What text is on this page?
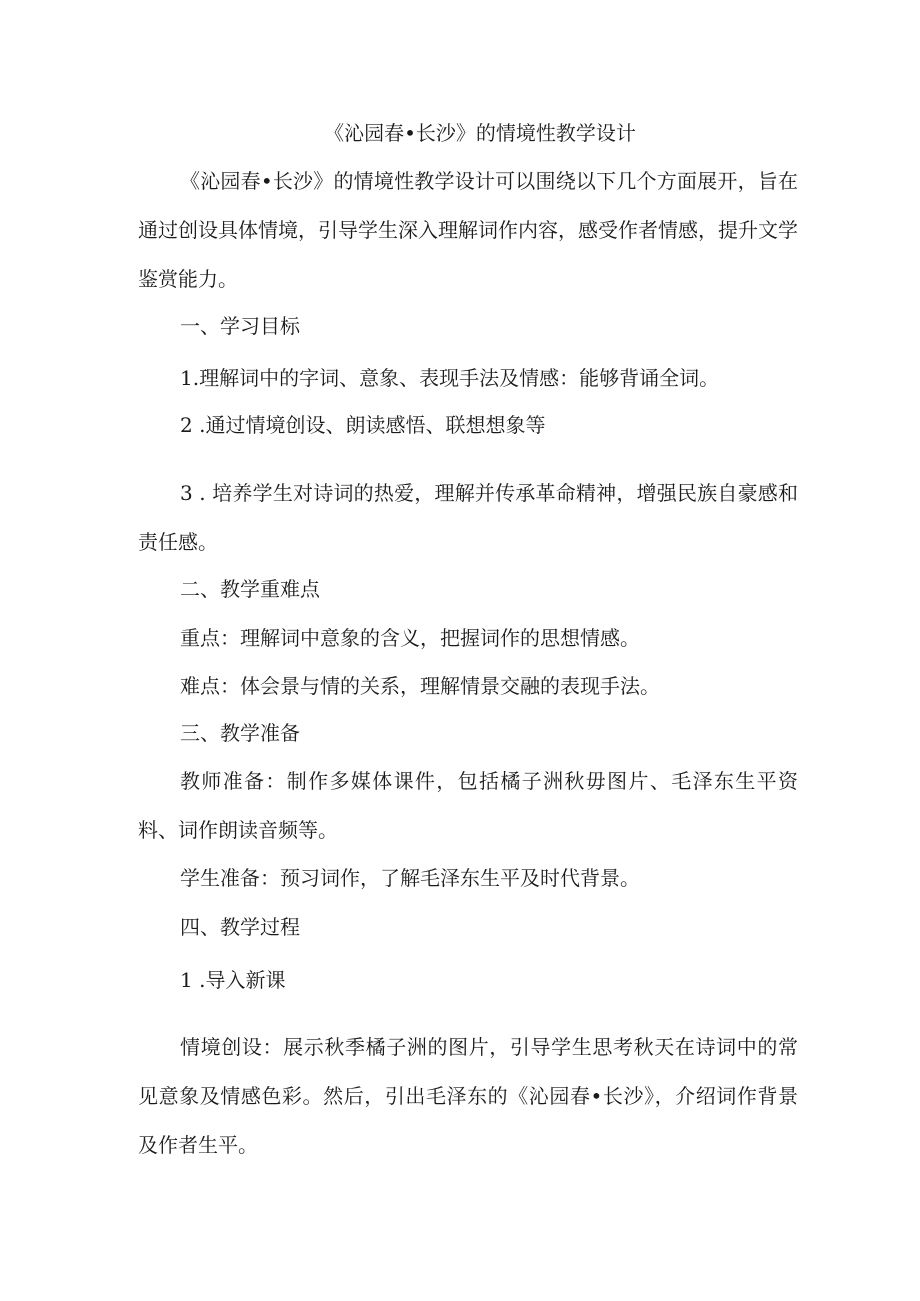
《沁园春•长沙》的情境性教学设计
《沁园春•长沙》的情境性教学设计可以围绕以下几个方面展开，旨在通过创设具体情境，引导学生深入理解词作内容，感受作者情感，提升文学鉴赏能力。
一、学习目标
1.理解词中的字词、意象、表现手法及情感：能够背诵全词。
2 .通过情境创设、朗读感悟、联想想象等
3 . 培养学生对诗词的热爱，理解并传承革命精神，增强民族自豪感和责任感。
二、教学重难点
重点：理解词中意象的含义，把握词作的思想情感。
难点：体会景与情的关系，理解情景交融的表现手法。
三、教学准备
教师准备：制作多媒体课件，包括橘子洲秋毋图片、毛泽东生平资料、词作朗读音频等。
学生准备：预习词作，了解毛泽东生平及时代背景。
四、教学过程
1 .导入新课
情境创设：展示秋季橘子洲的图片，引导学生思考秋天在诗词中的常见意象及情感色彩。然后，引出毛泽东的《沁园春•长沙》，介绍词作背景及作者生平。
